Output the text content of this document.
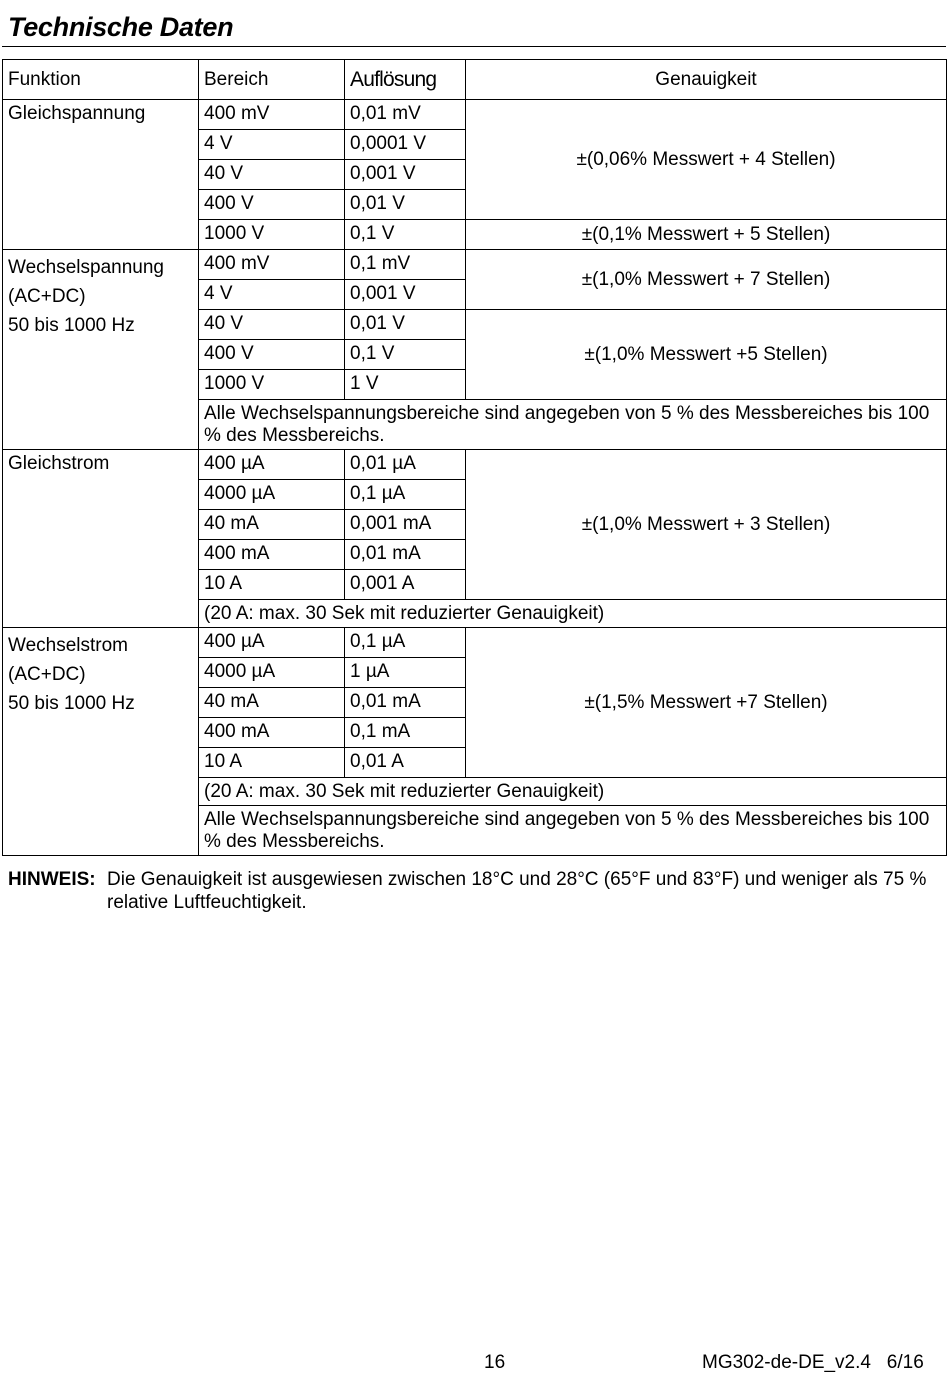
Technische Daten
Funktion	Bereich	Auflösung	Genauigkeit
Gleichspannung	400 mV	0,01 mV	±(0,06% Messwert + 4 Stellen)
	4 V	0,0001 V	
	40 V	0,001 V	
	400 V	0,01 V	
	1000 V	0,1 V	±(0,1% Messwert + 5 Stellen)

Wechselspannung
(AC+DC)
50 bis 1000 Hz	400 mV	0,1 mV	±(1,0% Messwert + 7 Stellen)
	4 V	0,001 V	
	40 V	0,01 V	±(1,0% Messwert +5 Stellen)
	400 V	0,1 V	
	1000 V	1 V	
	Alle Wechselspannungsbereiche sind angegeben von 5 % des Messbereiches bis 100 % des Messbereichs.		
Gleichstrom	400 µA	0,01 µA	±(1,0% Messwert + 3 Stellen)
	4000 µA	0,1 µA	
	40 mA	0,001 mA	
	400 mA	0,01 mA	
	10 A	0,001 A	
	(20 A: max. 30 Sek mit reduzierter Genauigkeit)		

Wechselstrom
(AC+DC)
50 bis 1000 Hz	400 µA	0,1 µA	±(1,5% Messwert +7 Stellen)
	4000 µA	1 µA	
	40 mA	0,01 mA	
	400 mA	0,1 mA	
	10 A	0,01 A	
	(20 A: max. 30 Sek mit reduzierter Genauigkeit)		
	Alle Wechselspannungsbereiche sind angegeben von 5 % des Messbereiches bis 100 % des Messbereichs.		
HINWEIS: Die Genauigkeit ist ausgewiesen zwischen 18°C und 28°C (65°F und 83°F) und weniger als 75 % relative Luftfeuchtigkeit.
16	MG302-de-DE_v2.4   6/16
